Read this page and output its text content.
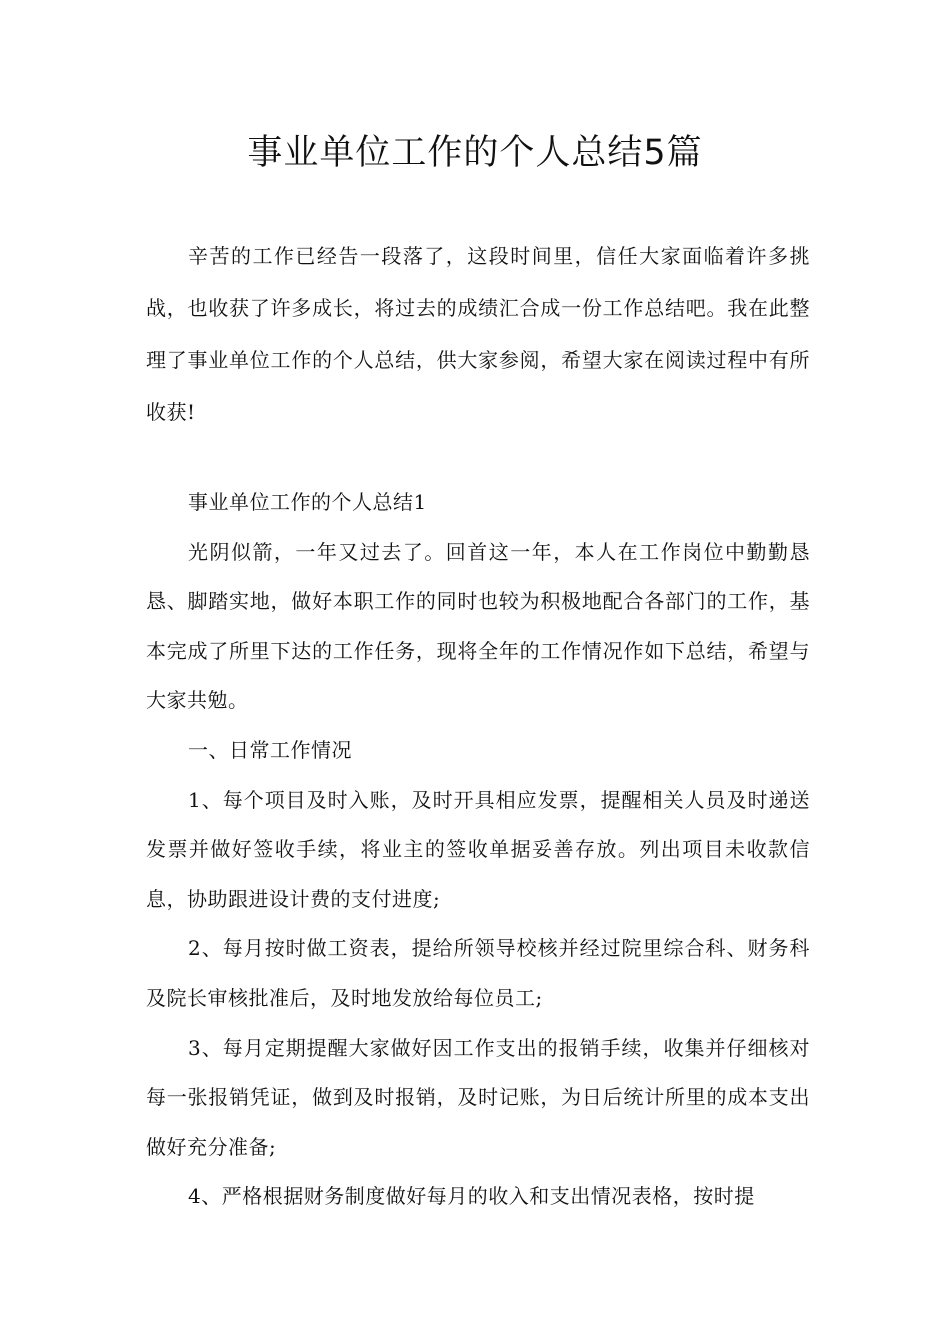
事业单位工作的个人总结5篇

辛苦的工作已经告一段落了，这段时间里，信任大家面临着许多挑战，也收获了许多成长，将过去的成绩汇合成一份工作总结吧。我在此整理了事业单位工作的个人总结，供大家参阅，希望大家在阅读过程中有所收获!

事业单位工作的个人总结1

光阴似箭，一年又过去了。回首这一年，本人在工作岗位中勤勤恳恳、脚踏实地，做好本职工作的同时也较为积极地配合各部门的工作，基本完成了所里下达的工作任务，现将全年的工作情况作如下总结，希望与大家共勉。

一、日常工作情况

1、每个项目及时入账，及时开具相应发票，提醒相关人员及时递送发票并做好签收手续，将业主的签收单据妥善存放。列出项目未收款信息，协助跟进设计费的支付进度;

2、每月按时做工资表，提给所领导校核并经过院里综合科、财务科及院长审核批准后，及时地发放给每位员工;

3、每月定期提醒大家做好因工作支出的报销手续，收集并仔细核对每一张报销凭证，做到及时报销，及时记账，为日后统计所里的成本支出做好充分准备;

4、严格根据财务制度做好每月的收入和支出情况表格，按时提
